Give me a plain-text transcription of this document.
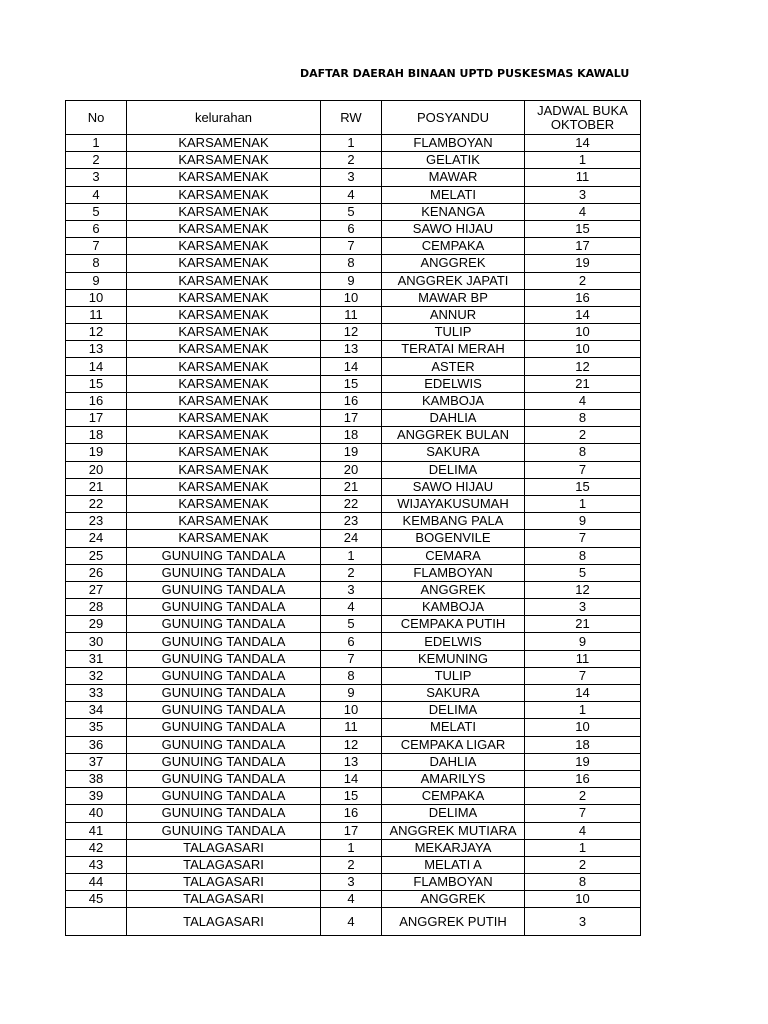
DAFTAR DAERAH BINAAN UPTD PUSKESMAS KAWALU
No	kelurahan	RW	POSYANDU	JADWAL BUKA
OKTOBER
1	KARSAMENAK	1	FLAMBOYAN	14
2	KARSAMENAK	2	GELATIK	1
3	KARSAMENAK	3	MAWAR	11
4	KARSAMENAK	4	MELATI	3
5	KARSAMENAK	5	KENANGA	4
6	KARSAMENAK	6	SAWO HIJAU	15
7	KARSAMENAK	7	CEMPAKA	17
8	KARSAMENAK	8	ANGGREK	19
9	KARSAMENAK	9	ANGGREK JAPATI	2
10	KARSAMENAK	10	MAWAR BP	16
11	KARSAMENAK	11	ANNUR	14
12	KARSAMENAK	12	TULIP	10
13	KARSAMENAK	13	TERATAI MERAH	10
14	KARSAMENAK	14	ASTER	12
15	KARSAMENAK	15	EDELWIS	21
16	KARSAMENAK	16	KAMBOJA	4
17	KARSAMENAK	17	DAHLIA	8
18	KARSAMENAK	18	ANGGREK BULAN	2
19	KARSAMENAK	19	SAKURA	8
20	KARSAMENAK	20	DELIMA	7
21	KARSAMENAK	21	SAWO HIJAU	15
22	KARSAMENAK	22	WIJAYAKUSUMAH	1
23	KARSAMENAK	23	KEMBANG PALA	9
24	KARSAMENAK	24	BOGENVILE	7
25	GUNUING TANDALA	1	CEMARA	8
26	GUNUING TANDALA	2	FLAMBOYAN	5
27	GUNUING TANDALA	3	ANGGREK	12
28	GUNUING TANDALA	4	KAMBOJA	3
29	GUNUING TANDALA	5	CEMPAKA PUTIH	21
30	GUNUING TANDALA	6	EDELWIS	9
31	GUNUING TANDALA	7	KEMUNING	11
32	GUNUING TANDALA	8	TULIP	7
33	GUNUING TANDALA	9	SAKURA	14
34	GUNUING TANDALA	10	DELIMA	1
35	GUNUING TANDALA	11	MELATI	10
36	GUNUING TANDALA	12	CEMPAKA LIGAR	18
37	GUNUING TANDALA	13	DAHLIA	19
38	GUNUING TANDALA	14	AMARILYS	16
39	GUNUING TANDALA	15	CEMPAKA	2
40	GUNUING TANDALA	16	DELIMA	7
41	GUNUING TANDALA	17	ANGGREK MUTIARA	4
42	TALAGASARI	1	MEKARJAYA	1
43	TALAGASARI	2	MELATI A	2
44	TALAGASARI	3	FLAMBOYAN	8
45	TALAGASARI	4	ANGGREK	10
	TALAGASARI	4	ANGGREK PUTIH	3
